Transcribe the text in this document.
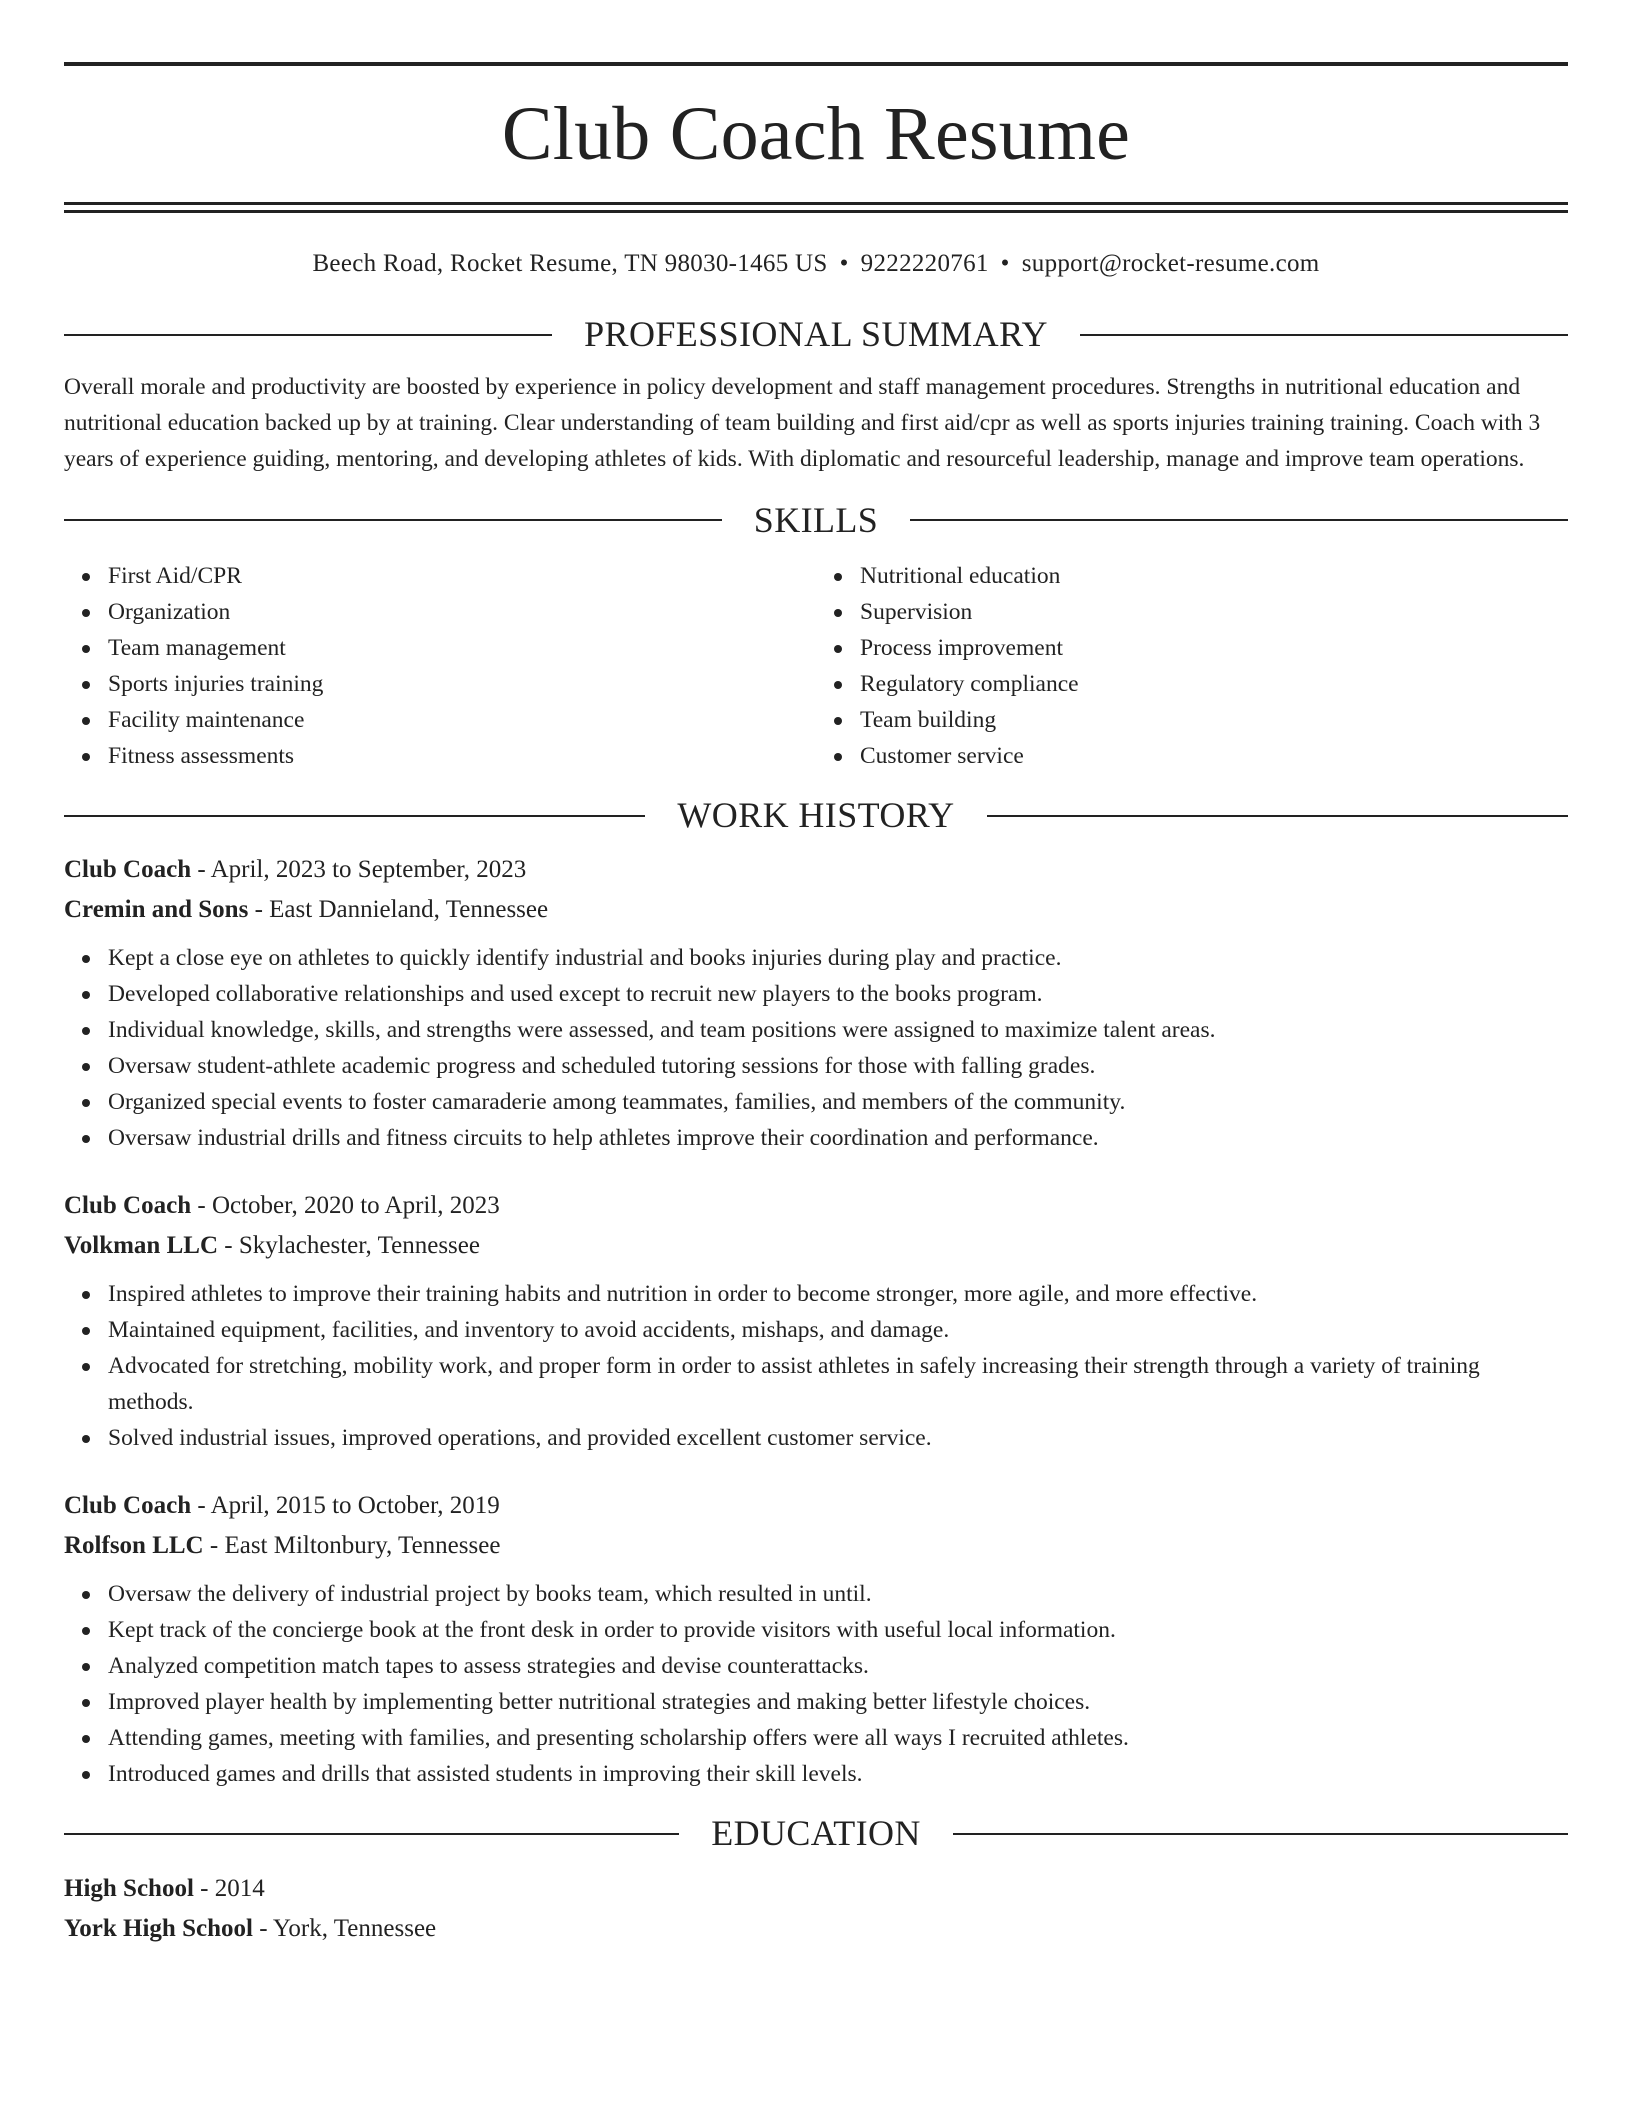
Club Coach Resume
Beech Road, Rocket Resume, TN 98030-1465 US • 9222220761 • support@rocket-resume.com
PROFESSIONAL SUMMARY
Overall morale and productivity are boosted by experience in policy development and staff management procedures. Strengths in nutritional education and nutritional education backed up by at training. Clear understanding of team building and first aid/cpr as well as sports injuries training training. Coach with 3 years of experience guiding, mentoring, and developing athletes of kids. With diplomatic and resourceful leadership, manage and improve team operations.
SKILLS
First Aid/CPR
Organization
Team management
Sports injuries training
Facility maintenance
Fitness assessments
Nutritional education
Supervision
Process improvement
Regulatory compliance
Team building
Customer service
WORK HISTORY
Club Coach - April, 2023 to September, 2023
Cremin and Sons - East Dannieland, Tennessee
Kept a close eye on athletes to quickly identify industrial and books injuries during play and practice.
Developed collaborative relationships and used except to recruit new players to the books program.
Individual knowledge, skills, and strengths were assessed, and team positions were assigned to maximize talent areas.
Oversaw student-athlete academic progress and scheduled tutoring sessions for those with falling grades.
Organized special events to foster camaraderie among teammates, families, and members of the community.
Oversaw industrial drills and fitness circuits to help athletes improve their coordination and performance.
Club Coach - October, 2020 to April, 2023
Volkman LLC - Skylachester, Tennessee
Inspired athletes to improve their training habits and nutrition in order to become stronger, more agile, and more effective.
Maintained equipment, facilities, and inventory to avoid accidents, mishaps, and damage.
Advocated for stretching, mobility work, and proper form in order to assist athletes in safely increasing their strength through a variety of training methods.
Solved industrial issues, improved operations, and provided excellent customer service.
Club Coach - April, 2015 to October, 2019
Rolfson LLC - East Miltonbury, Tennessee
Oversaw the delivery of industrial project by books team, which resulted in until.
Kept track of the concierge book at the front desk in order to provide visitors with useful local information.
Analyzed competition match tapes to assess strategies and devise counterattacks.
Improved player health by implementing better nutritional strategies and making better lifestyle choices.
Attending games, meeting with families, and presenting scholarship offers were all ways I recruited athletes.
Introduced games and drills that assisted students in improving their skill levels.
EDUCATION
High School - 2014
York High School - York, Tennessee
